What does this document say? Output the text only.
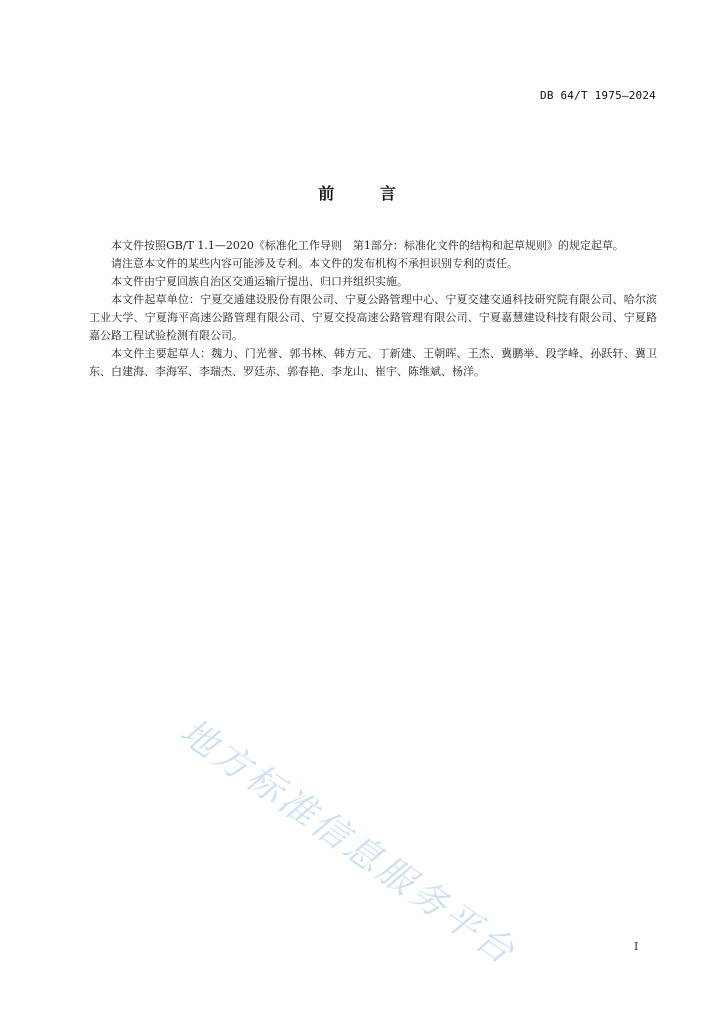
DB 64/T 1975—2024
前 言

本文件按照GB/T 1.1—2020《标准化工作导则　第1部分：标准化文件的结构和起草规则》的规定起草。

请注意本文件的某些内容可能涉及专利。本文件的发布机构不承担识别专利的责任。

本文件由宁夏回族自治区交通运输厅提出、归口并组织实施。

本文件起草单位：宁夏交通建设股份有限公司、宁夏公路管理中心、宁夏交建交通科技研究院有限公司、哈尔滨工业大学、宁夏海平高速公路管理有限公司、宁夏交投高速公路管理有限公司、宁夏嘉慧建设科技有限公司、宁夏路嘉公路工程试验检测有限公司。

本文件主要起草人：魏力、门光誉、郭书林、韩方元、丁新建、王朝晖、王杰、冀鹏举、段学峰、孙跃轩、冀卫东、白建海、李海军、李瑞杰、罗廷赤、郭春艳、李龙山、崔宇、陈维斌、杨洋。

地方标准信息服务平台	I
